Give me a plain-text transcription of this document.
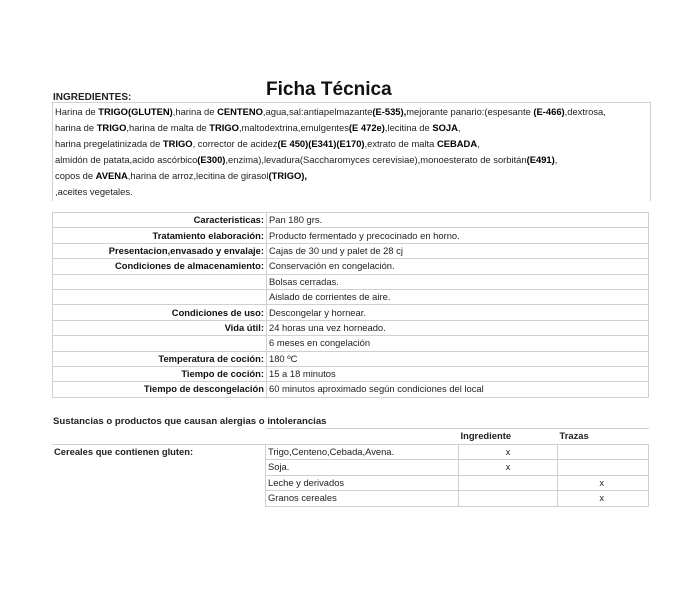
Ficha Técnica
INGREDIENTES:
Harina de TRIGO(GLUTEN),harina de CENTENO,agua,sal:antiapelmazante(E-535),mejorante panario:(espesante (E-466),dextrosa,
harina de TRIGO,harina de malta de TRIGO,maltodextrina,emulgentes(E 472e),lecitina de SOJA,
harina pregelatinizada de TRIGO, corrector de acidez(E 450)(E341)(E170),extrato de malta CEBADA,
almidón de patata,acido ascórbico(E300),enzima),levadura(Saccharomyces cerevisiae),monoesterato de sorbitán(E491),
copos de AVENA,harina de arroz,lecitina de girasol(TRIGO),
,aceites vegetales.
Caracteristicas:	Pan 180 grs.
Tratamiento elaboración:	Producto fermentado y precocinado en horno.
Presentacion,envasado y envalaje:	Cajas de 30 und y palet de 28 cj
Condiciones de almacenamiento:	Conservación en congelación.
	Bolsas cerradas.
	Aislado de corrientes de aire.
Condiciones de uso:	Descongelar y hornear.
Vida útil:	24 horas una vez horneado.
	6 meses en congelación
Temperatura de coción:	180 ºC
Tiempo de coción:	15 a 18 minutos
Tiempo de descongelación	60 minutos aproximado según condiciones del local
Sustancias o productos que causan alergias o intolerancias
		Ingrediente	Trazas
Cereales que contienen gluten:	Trigo,Centeno,Cebada,Avena.	x	
	Soja.	x	
	Leche y derivados		x
	Granos cereales		x
